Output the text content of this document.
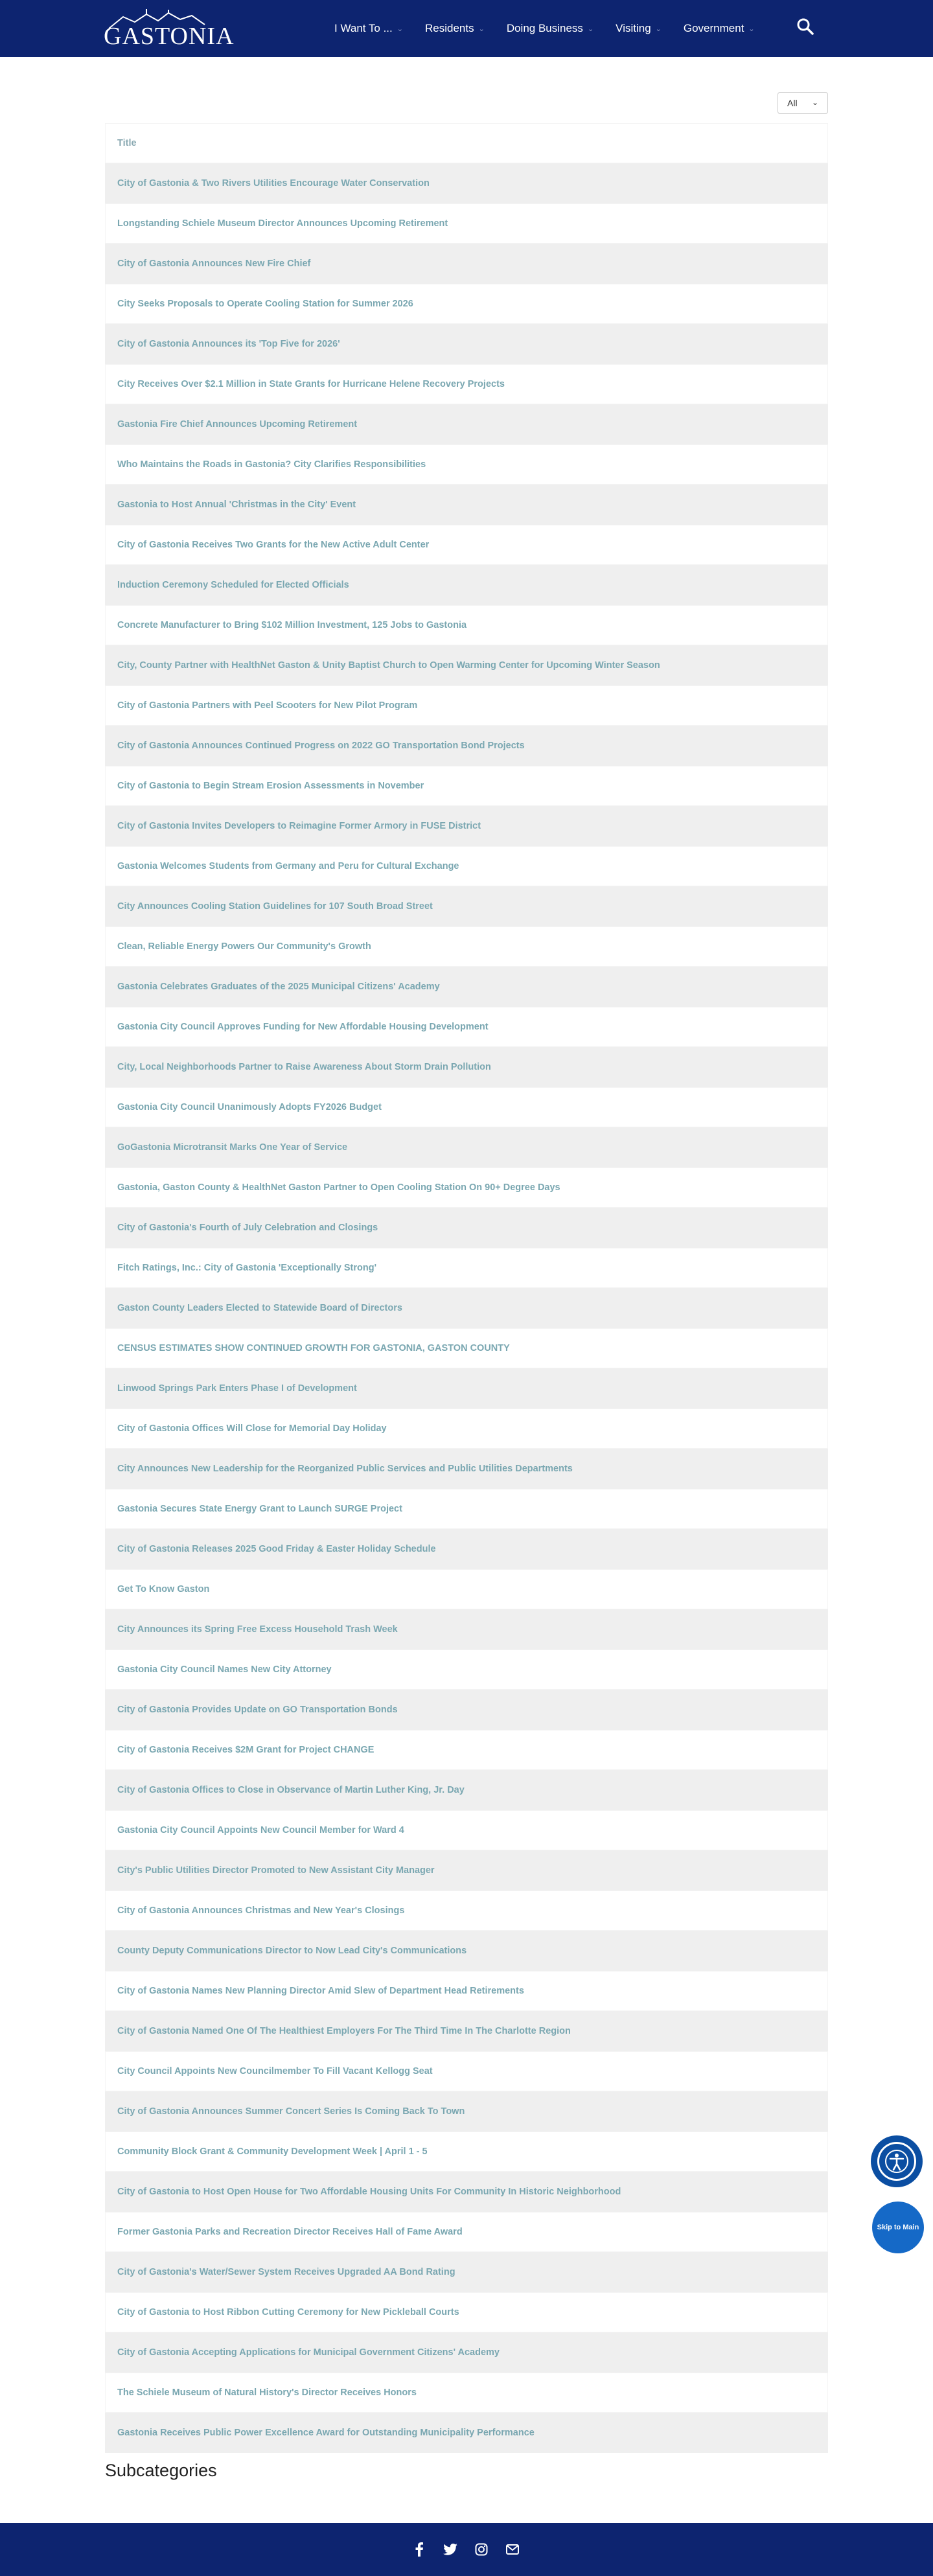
GASTONIA	I Want To ... ⌄ Residents ⌄ Doing Business ⌄ Visiting ⌄ Government ⌄
All ⌄
Title
City of Gastonia & Two Rivers Utilities Encourage Water Conservation
Longstanding Schiele Museum Director Announces Upcoming Retirement
City of Gastonia Announces New Fire Chief
City Seeks Proposals to Operate Cooling Station for Summer 2026
City of Gastonia Announces its 'Top Five for 2026'
City Receives Over $2.1 Million in State Grants for Hurricane Helene Recovery Projects
Gastonia Fire Chief Announces Upcoming Retirement
Who Maintains the Roads in Gastonia? City Clarifies Responsibilities
Gastonia to Host Annual 'Christmas in the City' Event
City of Gastonia Receives Two Grants for the New Active Adult Center
Induction Ceremony Scheduled for Elected Officials
Concrete Manufacturer to Bring $102 Million Investment, 125 Jobs to Gastonia
City, County Partner with HealthNet Gaston & Unity Baptist Church to Open Warming Center for Upcoming Winter Season
City of Gastonia Partners with Peel Scooters for New Pilot Program
City of Gastonia Announces Continued Progress on 2022 GO Transportation Bond Projects
City of Gastonia to Begin Stream Erosion Assessments in November
City of Gastonia Invites Developers to Reimagine Former Armory in FUSE District
Gastonia Welcomes Students from Germany and Peru for Cultural Exchange
City Announces Cooling Station Guidelines for 107 South Broad Street
Clean, Reliable Energy Powers Our Community's Growth
Gastonia Celebrates Graduates of the 2025 Municipal Citizens' Academy
Gastonia City Council Approves Funding for New Affordable Housing Development
City, Local Neighborhoods Partner to Raise Awareness About Storm Drain Pollution
Gastonia City Council Unanimously Adopts FY2026 Budget
GoGastonia Microtransit Marks One Year of Service
Gastonia, Gaston County & HealthNet Gaston Partner to Open Cooling Station On 90+ Degree Days
City of Gastonia's Fourth of July Celebration and Closings
Fitch Ratings, Inc.: City of Gastonia 'Exceptionally Strong'
Gaston County Leaders Elected to Statewide Board of Directors
CENSUS ESTIMATES SHOW CONTINUED GROWTH FOR GASTONIA, GASTON COUNTY
Linwood Springs Park Enters Phase I of Development
City of Gastonia Offices Will Close for Memorial Day Holiday
City Announces New Leadership for the Reorganized Public Services and Public Utilities Departments
Gastonia Secures State Energy Grant to Launch SURGE Project
City of Gastonia Releases 2025 Good Friday & Easter Holiday Schedule
Get To Know Gaston
City Announces its Spring Free Excess Household Trash Week
Gastonia City Council Names New City Attorney
City of Gastonia Provides Update on GO Transportation Bonds
City of Gastonia Receives $2M Grant for Project CHANGE
City of Gastonia Offices to Close in Observance of Martin Luther King, Jr. Day
Gastonia City Council Appoints New Council Member for Ward 4
City's Public Utilities Director Promoted to New Assistant City Manager
City of Gastonia Announces Christmas and New Year's Closings
County Deputy Communications Director to Now Lead City's Communications
City of Gastonia Names New Planning Director Amid Slew of Department Head Retirements
City of Gastonia Named One Of The Healthiest Employers For The Third Time In The Charlotte Region
City Council Appoints New Councilmember To Fill Vacant Kellogg Seat
City of Gastonia Announces Summer Concert Series Is Coming Back To Town
Community Block Grant & Community Development Week | April 1 - 5
City of Gastonia to Host Open House for Two Affordable Housing Units For Community In Historic Neighborhood
Former Gastonia Parks and Recreation Director Receives Hall of Fame Award
City of Gastonia's Water/Sewer System Receives Upgraded AA Bond Rating
City of Gastonia to Host Ribbon Cutting Ceremony for New Pickleball Courts
City of Gastonia Accepting Applications for Municipal Government Citizens' Academy
The Schiele Museum of Natural History's Director Receives Honors
Gastonia Receives Public Power Excellence Award for Outstanding Municipality Performance
Subcategories
Skip to Main
